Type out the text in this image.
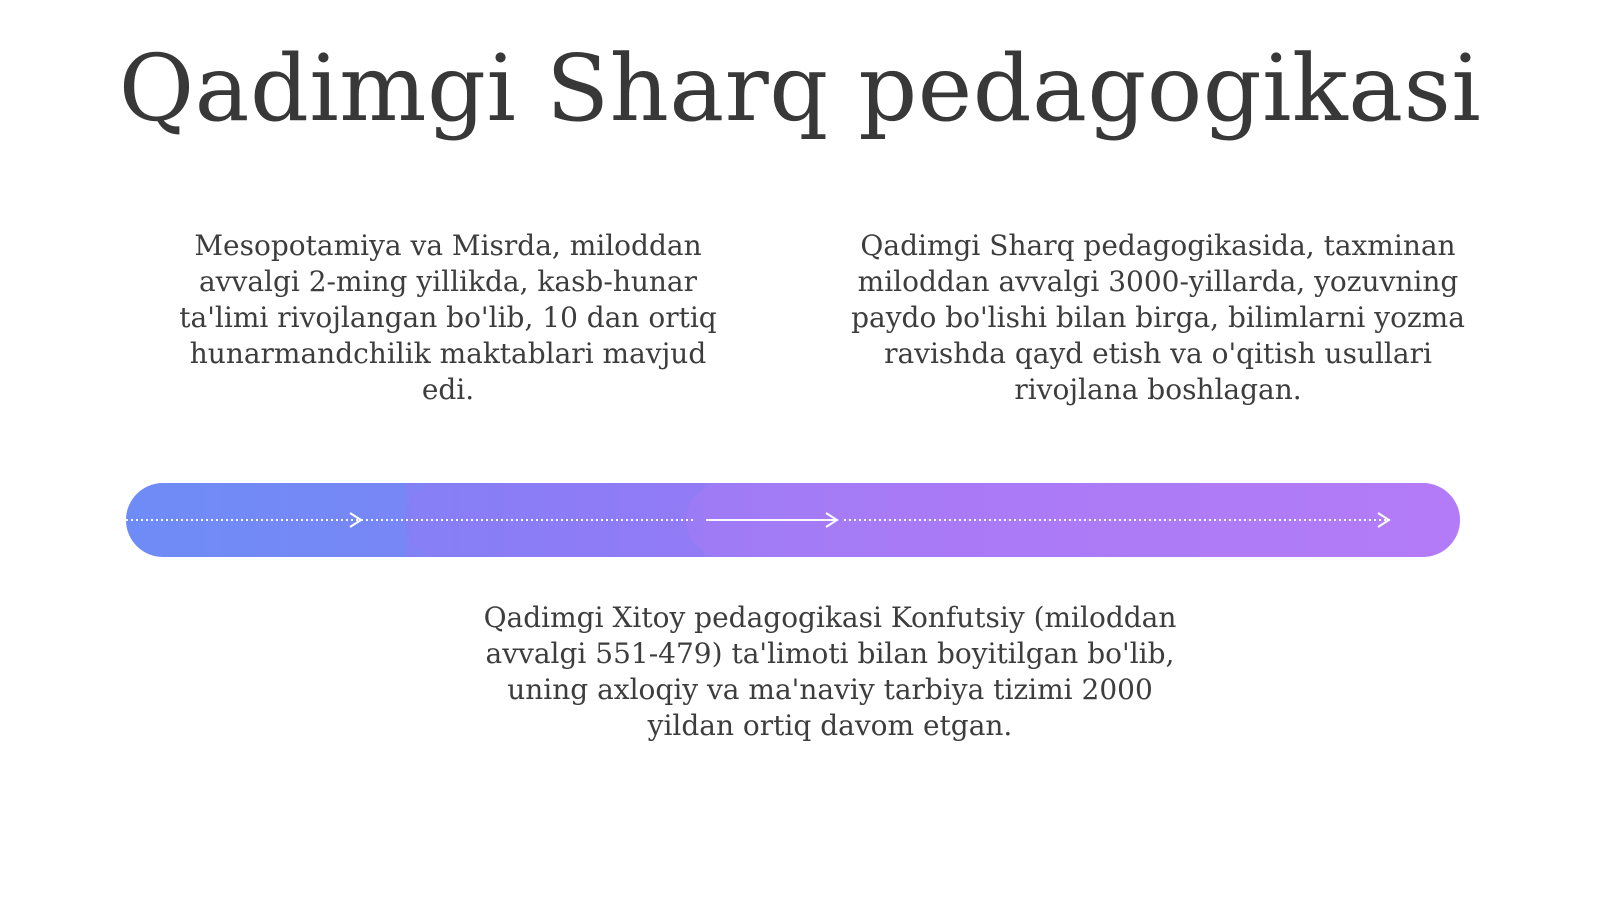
Qadimgi Sharq pedagogikasi

Mesopotamiya va Misrda, miloddan avvalgi 2-ming yillikda, kasb-hunar ta'limi rivojlangan bo'lib, 10 dan ortiq hunarmandchilik maktablari mavjud edi.

Qadimgi Sharq pedagogikasida, taxminan miloddan avvalgi 3000-yillarda, yozuvning paydo bo'lishi bilan birga, bilimlarni yozma ravishda qayd etish va o'qitish usullari rivojlana boshlagan.

Qadimgi Xitoy pedagogikasi Konfutsiy (miloddan avvalgi 551-479) ta'limoti bilan boyitilgan bo'lib, uning axloqiy va ma'naviy tarbiya tizimi 2000 yildan ortiq davom etgan.
